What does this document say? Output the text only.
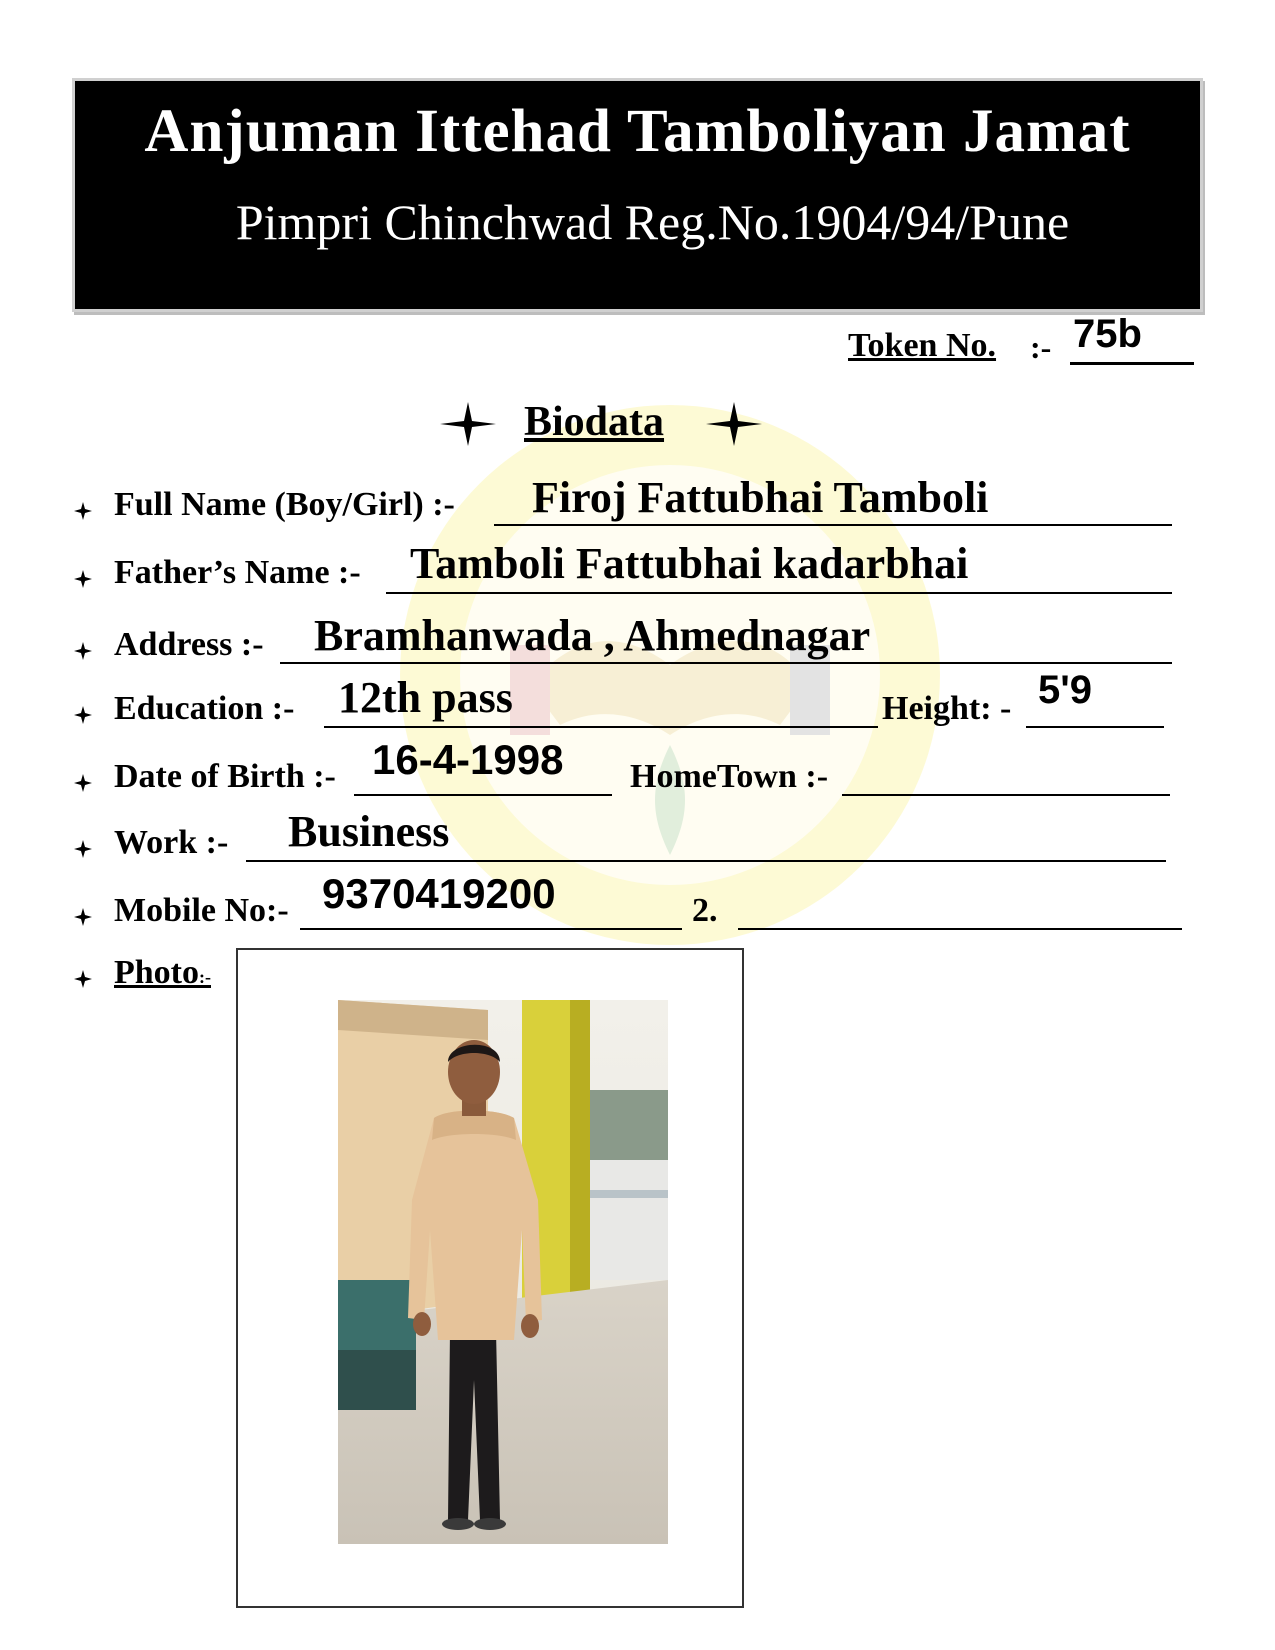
Anjuman Ittehad Tamboliyan Jamat
Pimpri Chinchwad Reg.No.1904/94/Pune
Token No. :- 75b
Biodata
Full Name (Boy/Girl) :- Firoj Fattubhai Tamboli
Father’s Name :- Tamboli Fattubhai kadarbhai
Address :- Bramhanwada , Ahmednagar
Education :- 12th pass	Height: - 5'9
Date of Birth :- 16-4-1998 HomeTown :-
Work :- Business
Mobile No:- 9370419200	2.
Photo:-
